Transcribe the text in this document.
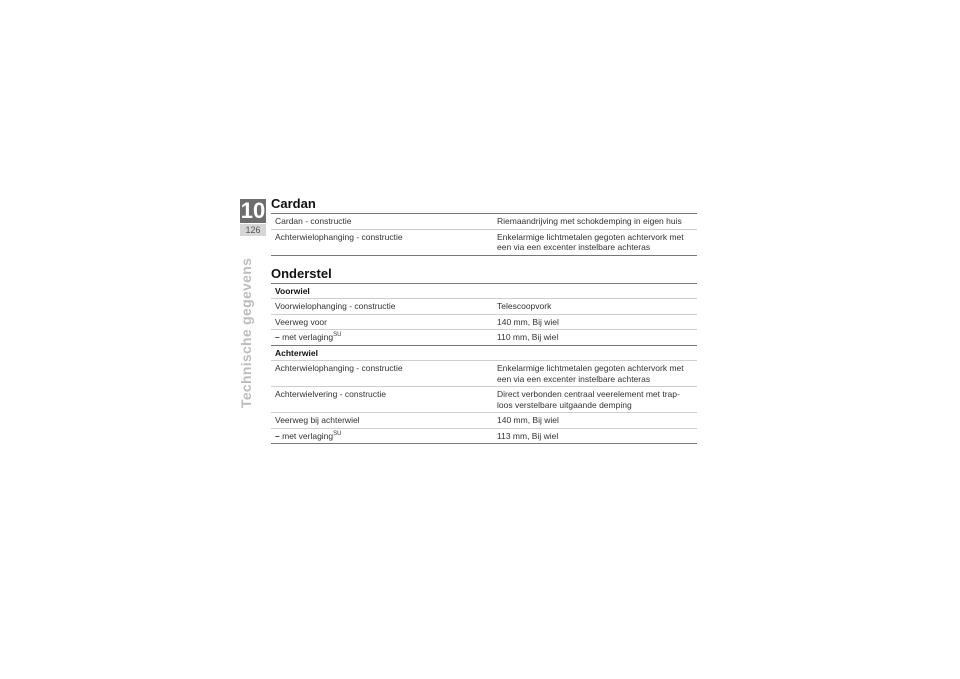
10
126
Technische gegevens
Cardan
Cardan - constructie	Riemaandrijving met schokdemping in eigen huis
Achterwielophanging - constructie	Enkelarmige lichtmetalen gegoten achtervork met een via een excenter instelbare achteras
Onderstel
Voorwiel	
Voorwielophanging - constructie	Telescoopvork
Veerweg voor	140 mm, Bij wiel
– met verlaging$^{SU}$	110 mm, Bij wiel
Achterwiel	
Achterwielophanging - constructie	Enkelarmige lichtmetalen gegoten achtervork met een via een excenter instelbare achteras
Achterwielvering - constructie	Direct verbonden centraal veerelement met trap-loos verstelbare uitgaande demping
Veerweg bij achterwiel	140 mm, Bij wiel
– met verlaging$^{SU}$	113 mm, Bij wiel
